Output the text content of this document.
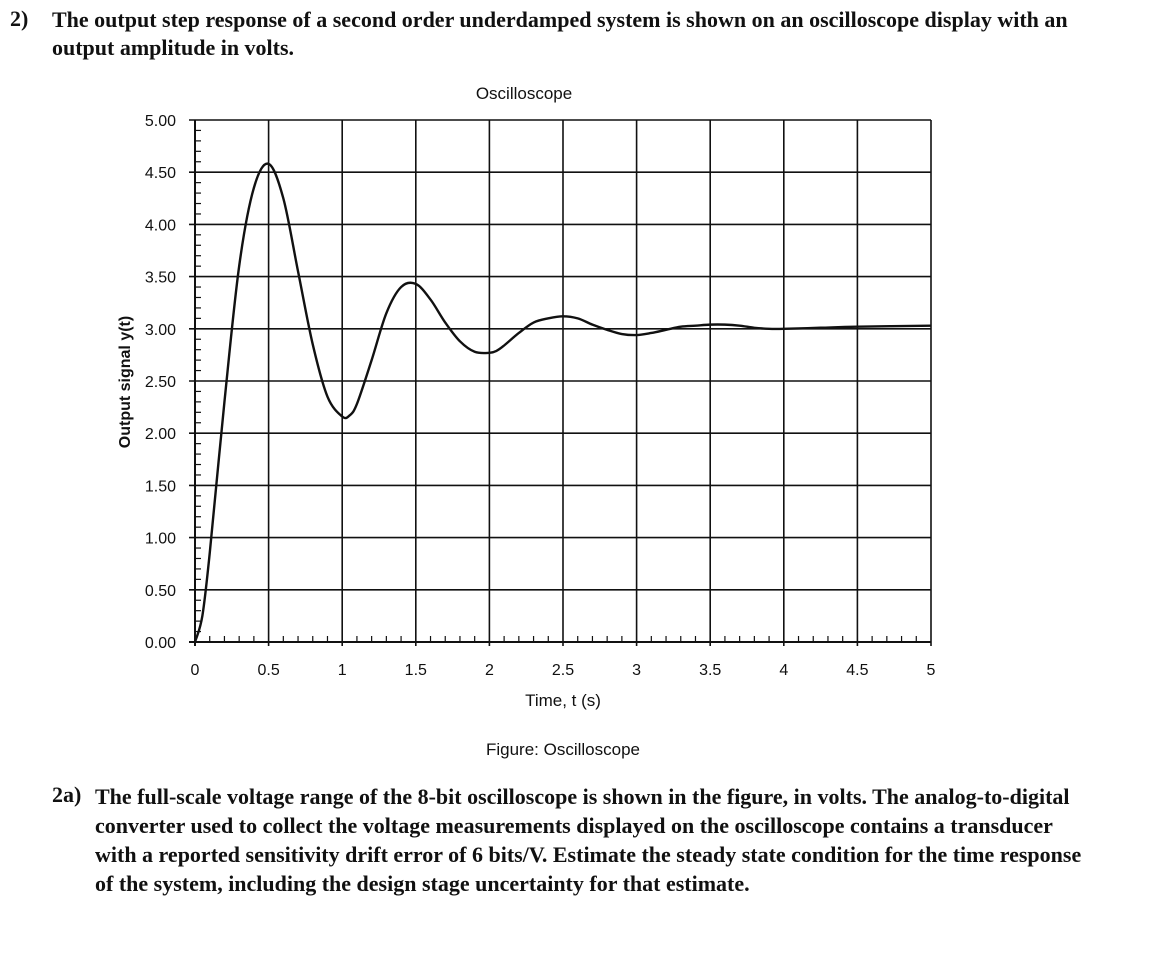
2) The output step response of a second order underdamped system is shown on an oscilloscope display with an output amplitude in volts.
0	0.5	1	1.5	2	2.5	3	3.5	4	4.5	5
0.00
0.50
1.00
1.50
2.00
2.50
3.00
3.50
4.00
4.50
5.00
Oscilloscope
Time, t (s)
Output signal y(t)
Figure: Oscilloscope
2a) The full-scale voltage range of the 8-bit oscilloscope is shown in the figure, in volts. The analog-to-digital converter used to collect the voltage measurements displayed on the oscilloscope contains a transducer with a reported sensitivity drift error of 6 bits/V. Estimate the steady state condition for the time response of the system, including the design stage uncertainty for that estimate.
